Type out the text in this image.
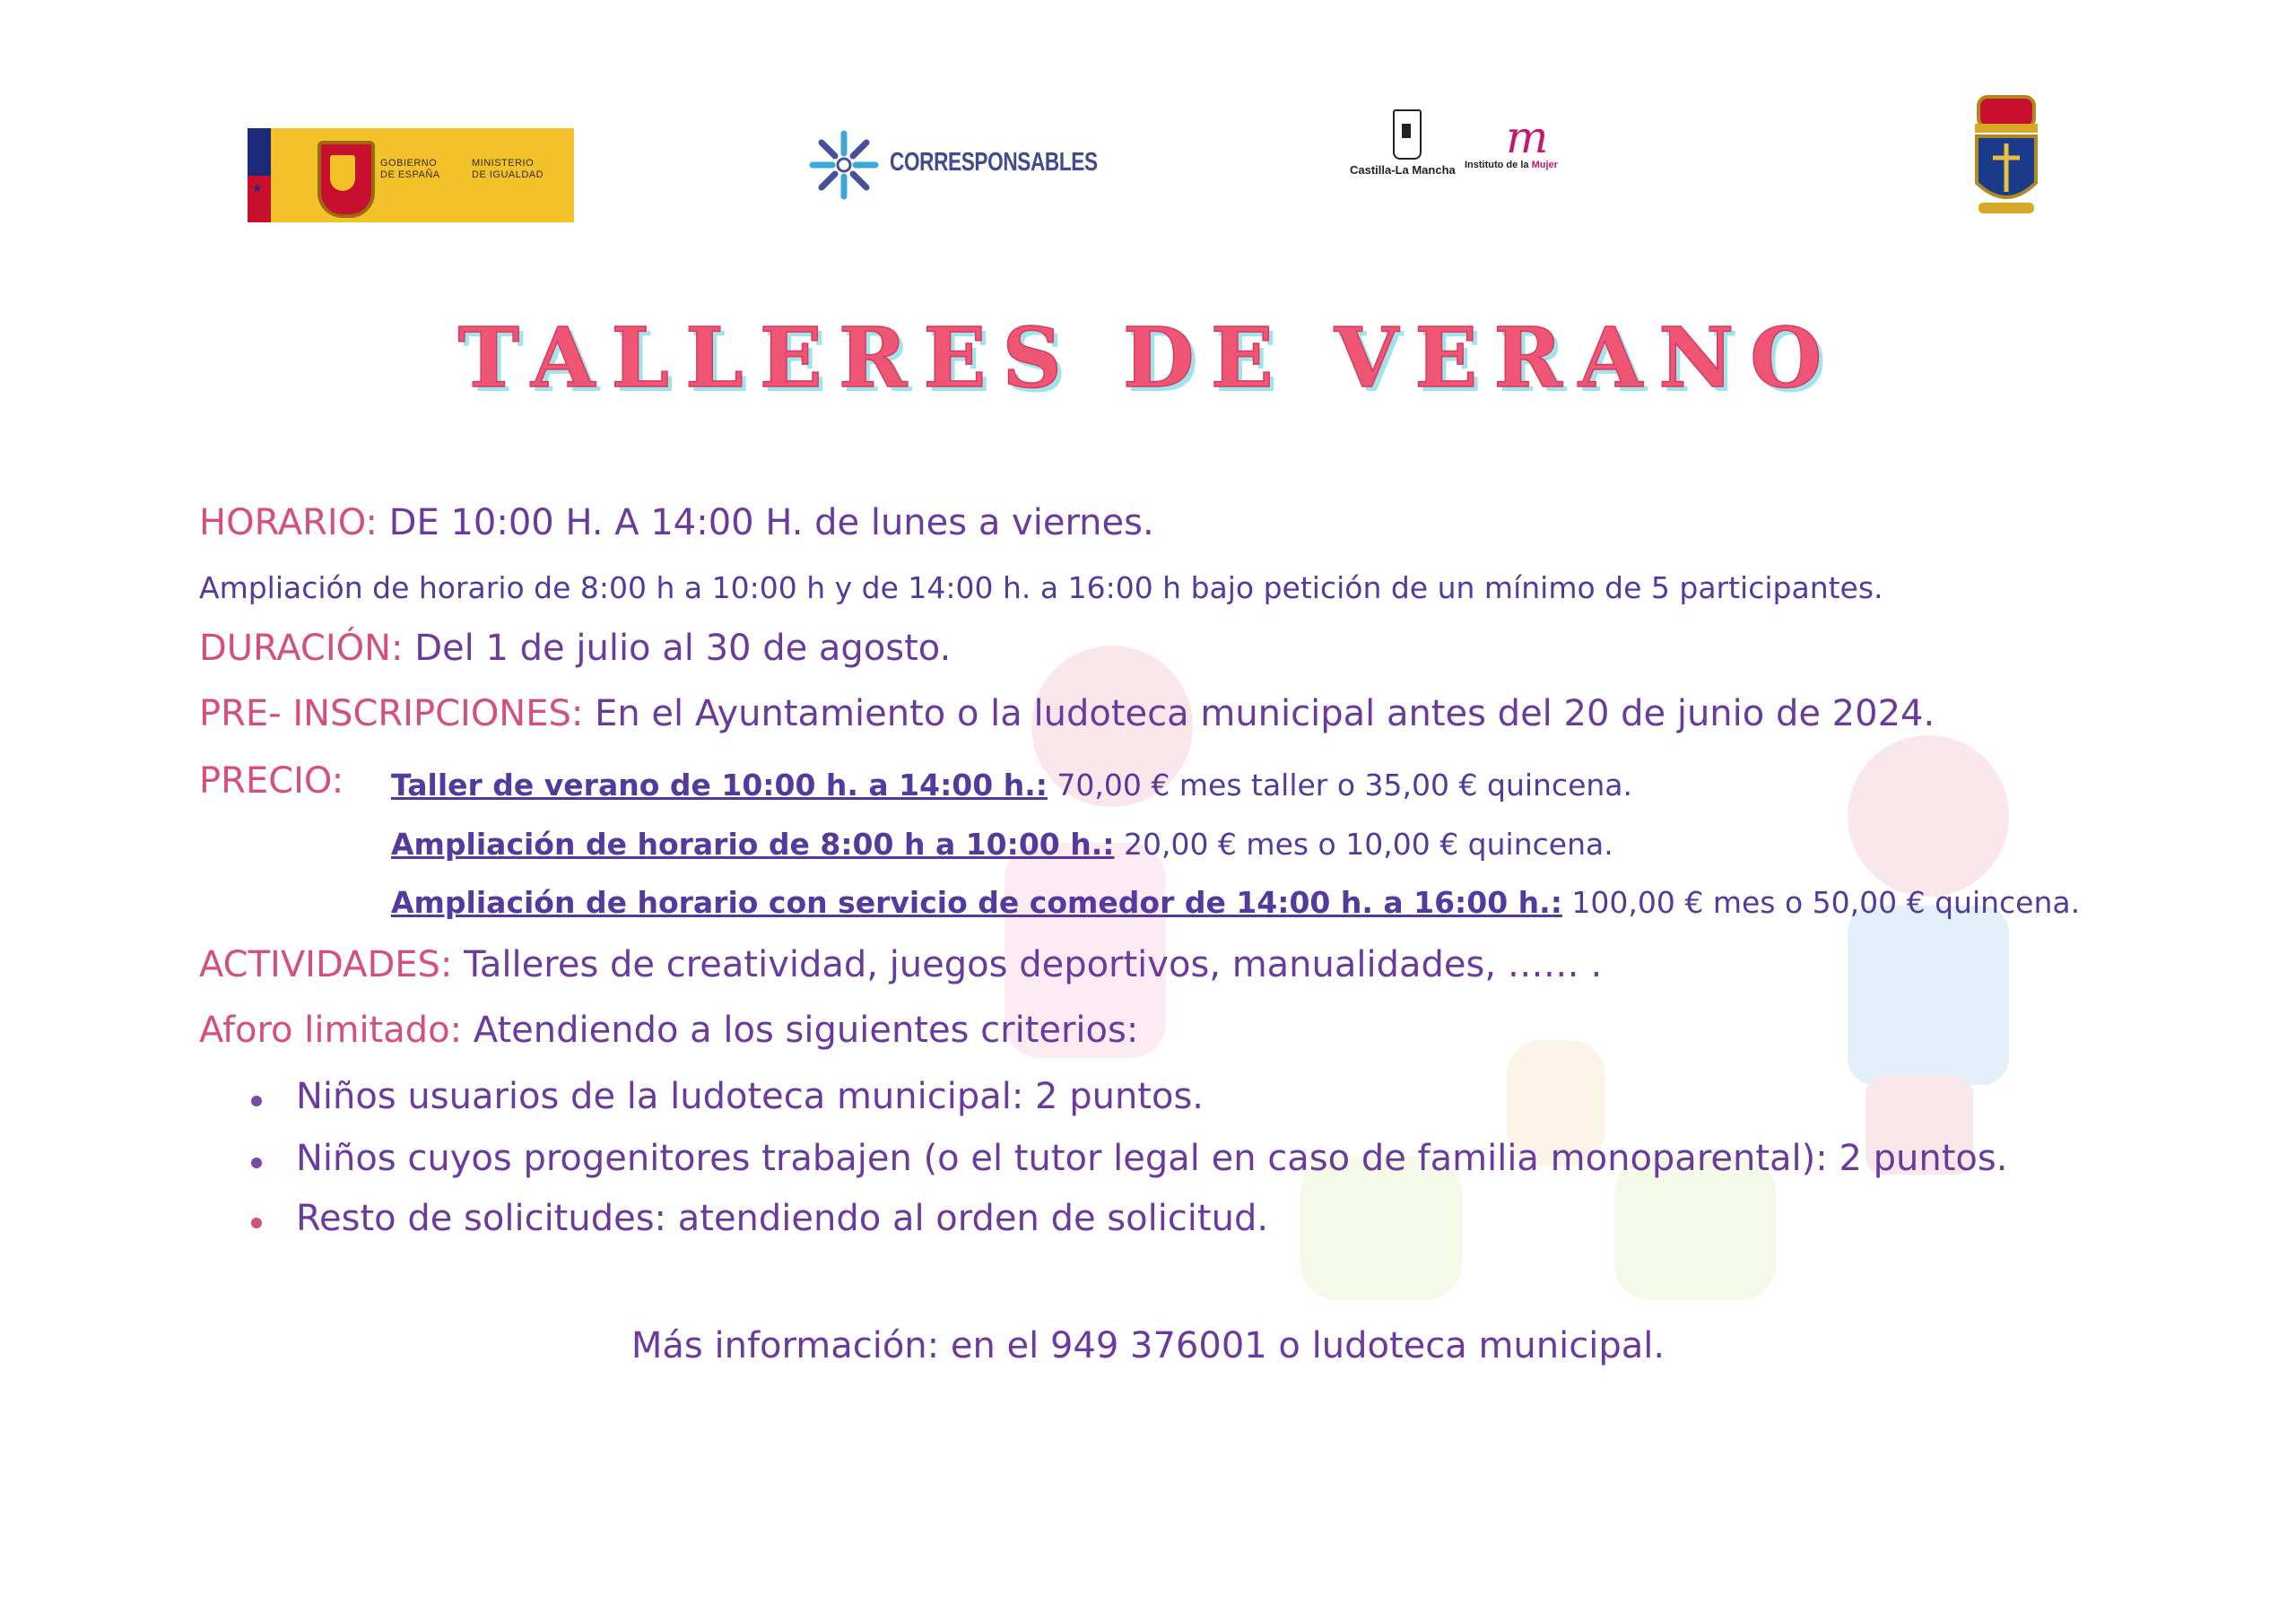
★
★
★
GOBIERNO
DE ESPAÑA
MINISTERIO
DE IGUALDAD	CORRESPONSABLES	Castilla-La Mancha
m
Instituto de la Mujer
TALLERES DE VERANO
HORARIO: DE 10:00 H. A 14:00 H. de lunes a viernes.
Ampliación de horario de 8:00 h a 10:00 h y de 14:00 h. a 16:00 h bajo petición de un mínimo de 5 participantes.
DURACIÓN: Del 1 de julio al 30 de agosto.
PRE- INSCRIPCIONES: En el Ayuntamiento o la ludoteca municipal antes del 20 de junio de 2024.
PRECIO: Taller de verano de 10:00 h. a 14:00 h.: 70,00 € mes taller o 35,00 € quincena.
Ampliación de horario de 8:00 h a 10:00 h.: 20,00 € mes o 10,00 € quincena.
Ampliación de horario con servicio de comedor de 14:00 h. a 16:00 h.: 100,00 € mes o 50,00 € quincena.
ACTIVIDADES: Talleres de creatividad, juegos deportivos, manualidades, …… .
Aforo limitado: Atendiendo a los siguientes criterios:
Niños usuarios de la ludoteca municipal: 2 puntos.
Niños cuyos progenitores trabajen (o el tutor legal en caso de familia monoparental): 2 puntos.
Resto de solicitudes: atendiendo al orden de solicitud.
Más información: en el 949 376001 o ludoteca municipal.
